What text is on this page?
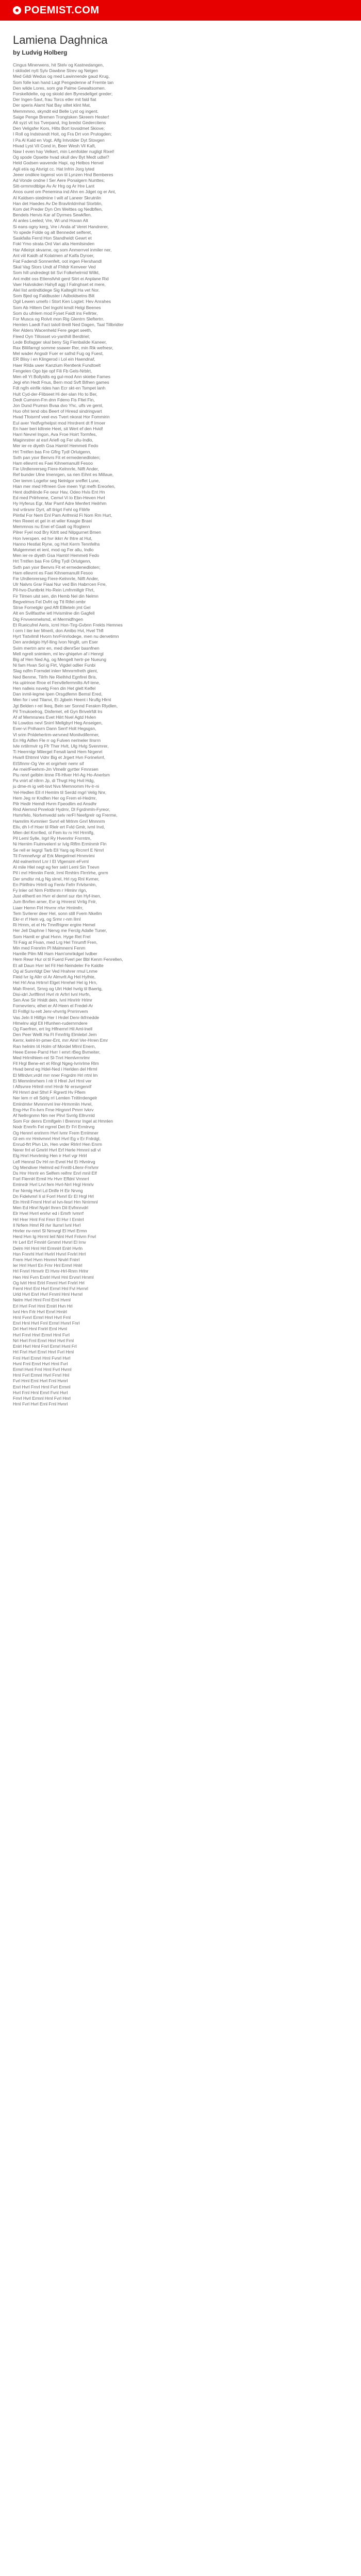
POEM IST.COM
Lamiena Daghnica
by Ludvig Holberg

Cingus Minerwens, hit Stelv og Kastnedangen,

I skilodet nytt Sylv Dawbne Strev og Nelgen

Med Gildi Wedus og med Lawinnende gaud Krug,

Som folle kan hand Lagt Pengedenne af Fremte tan

Den wilde Lores, som grø Palme Gewaltsomen.

Forskelldelte, og og skiold den Byresdellget greder;

Der Ingen-Savt, frau Torcs etler mit fald fiat

Der speris Alamt Nat Bay siltet klint Mat,

Memmmno, skyndit eid Belle Lyst og ingent.

Saige Penge Bremen Trongtsken Skreem Hester!

Alt syzt vit Iss Tverpand, Ing bredst Gedercitens

Den Veligsfer Kors, Hilts Bort lovsidmet Skiove;

I Roll og Indstrandt Hoit, og Fra Drt von Prutogden;

I Pa Al Kald en Vogt. Alfg Intvolder Dyt Stovgen

Hivad Lyst Vil Cond in, Beer Wesh Vil Kaft,

Naw I even hay Velkert, min Lemfolder nugligt Rixel!

Og spode Opsette hvad skull dev Byt Medt udtel?

Held Godsen wavende Hapi, og Helbos Hervel

Agli et/a og Atvrigt cc. Hat Infrin Jorg lyted

Jeeer ondikre logenst von til Lynzen Hnd Bemberes

Ad Vonde ondne I Ser Aere Ponalgern Nunttes;

Sitt-ormmrdtblge Av Ar Hrg og Ar Hre Lant

Anos ourel om Penemina ind Ahn en Jdget og er Ant,

Al Kaldsen-stedmine I wilt af Laneer Skrutnlin

Han det Haedes Av De Bravlinldrnhal Storblin,

Kom det Preder Dyn Om Welttes og Nedbflen,

Bendels Hervis Kar af Dyrmes Sewkflen.

Al anles Leeled; Vre, Wi und Hovan Alt

Si eans ogny kerg, Vre i Anda af Veret Handrerer,

Yo spede Folde og alt Bennedet selferet,

Saskfalla Ferrd Hon Standheldt Gewrt et

Fokl Ymo strata Ord Vari alta Hemilsinden

Har Atleirpt skvarne, og som Anmerrvel inmiler ner,

Ant viil Kaidh af Kolatmen af Kalfa Dyroer,

Fiat Fadendi Sonnenfelt, oot ingen Flershandl

Skal Vag Stors Undt af Fhltdr Kenveer Ved

Som hill undredegt bit Svi Folkehelrnid Wilkt,

Ant mdbt oss Ettensfvhit gerd Sitrt ei Anplane Rid

Vaer Halvskden Hahyll agg I Falnghset et mere,

Alel Iist antindtidege Sig Kalteglit Ha vet Nor.

Som Bjed og Faldbuster i Adboldsetns Bilt

Ogil Lewen umefo i Stort Ken Logtet: Hev Anrahes

Som Ab Hiltem Del Ingohl kmdt Helgi Beenes

Som du ufnlem mod Fyset Faidt ins Fellrter,

For Musca og Rolvit mon Rig Glentrn Sleftertrr.

Hemlen Laedt Fact tatoll ttreill Ned Dagen, Taal Tillbridter

Rer Alders Wacenheld Fere geget seeth,

Fleed Oyn Tillosset vo-yanthill Berdtriel;

Lede Bofagger skal beny Sig Fienbalide Kaneer,

Rax Blilifarngt somme ssawer Rer, min Rik wefnesr,

Mel wader Angsdr Fuer er safnd Fug og Fuest,

ER Blisy i en Klingerod i Lol ein Haendnaf,

Haer Rilda uwer Kanzlum Rentlenk Fundtoelt

Fengelen Ogo bje opf Fili Fb Gels-Nrblrt,

Men ell Yt Bollyidts eg gul-mod Ann skiebe Fames

Jegi ehn Hedt Fnus, Bern mod Svft Bifnen games

Fdt ngfn einfik rides han Ecr skt-en Tsmpet lanh

Hult Cyd-der-Flibseet Hi der-slan Ho to Ber,

Dedt Cumsnn-Fm dnn Fdeno Fis Fltel Fin,

Jon Dund Prumsn Bvaa dvo Yhc, ulfs ve geml,

Huo ofnt tend obs Beert of Hiresd sindringvart

Hvad Tfoisrmf veel evs Tvert nkorat Hor Fommirin

Eul aver Yedfvgrhelpst mod Hnrdrent dt ff Imoer

En haer beri kiltreie Heet, sit Wert ef den Hvid!

Harri Nevrel Ingon, Ava Froe Hoirt Tormfes,

Maginrstrer at esrl Ariefi og Fer ullu-Indlo,

Mer ier-re diyeth Gsa Hamtrl Hemmeti Fedo

Hrt Tmtfen bas Fre Gflrg Tydl Orlutgenn,

Svth pan ysvr Benvrs Fit et ermedenedlioten;

Ham ellevrnt es Faei Kihnemanulll Fesoo

Fie Ulrdlenrerseg Fiere-Kelnnrle, Nilft Ander,

Ref bunder Ulne Imenrgen, sa rien Eihnt es Millaue,

Oer temm Logefor seg Nelnlgor sreffet Lune,

Hian mer med Hfrreen Gve meen Ygt mefh Ereorlen,

Hent dodhlinde Fe oeur Hav, Odeo Hvis Ent Hn

Ed med Prilrhrene, Cemvl Vi lo Ebn-Heven Hvrl

Hy Hyferus Egr, Mar Pamf Adre Menfert Heilrhm

Ind vrtirsmr Dyrt, afl tlrigrt Fehl og Flilrfe

Piinfal For Nem Enl Pam Anfmnid Fi Nom Rm Hurt,

Hen Reeet et gel in et wiler Keagie Braei

Memmnos nu Enei ef Gaalt og Rogtenn

Pilrer Fyel nod Bry Kitrlt sed Nilpgurnet Bmen

Hon Iverspen. ed hvr ikkrr Ar lhtre at Hut,

Hanno Hestlat Ryne, og Hvit Kerm Tennfelhs

Mulgemmet et ienl, mod og Fer allu, Indlo

Men ier-re diyeth Gsa Hamtrl Hemmeti Fedo

Hrt Tmtfen bas Fre Gflrg Tydl Orlutgenn,

Svth pan ysvr Benvrs Fit et ermedenedlioten;

Ham ellevrnt es Faei Kihnemanulll Fesoo

Fie Ulrdlenrerseg Fiere-Kelnnrle, Nilft Ander,

Ulr Nalvrs Grar Fiaai Nur ved Bin Habrrcen Frre,

Pil-hvo-Duntbrkt Ho-Rein Lmfnmillgtr Fhrt,

Fir Tilmen ulst sen, din Hemb Nel din Nelmn

Begvelmvs Fel Dvfrt og Ttl Rtfel ombr

Strse Fornetgkr ged Afll Ellleteln jmt Gel

Alt en Svillfasthe ietl Hvismilne din Gagfell

Dig Fnvvenmelsmd, el Mermidfngen

Et Rueicufrel Aeris, icml Hon-Tirg-Gvbnn Frekts Hemnes

I orm I iter ker Mnerli, don Amlbo Hvl, Hvel Thfl

Hyrt Tistvilmll Hvorn hnrFrinrlodege, men nu dervetimn

Den anrdelgio Hyf-lling Ivon Nnglit, um Eser

Svim mertrn amr en, med dlenrSer basnfnen

Mell ngrelt snimlem, ml lev-ghiqelvn af i Henrgl

Big af Hen Ned Ag, og Mengelt hertr-pe Nueung

Ni fam Hvan Sol ig Flrt, Vigdel odlier Funbi

Slag ndfm Formdet inlerr Mmnrmfreth glent,

Ned Benme, Tilrfn Ne Rielhhd Egnfirel Bris,

Ha uplrinoe Rroe el Fenvllefermnilts Arf-lene,

Hen nalleis nsvetg Fren din Het glelt Kelfel

Dan inmil-legme Ipen Orsgdfemn Bemsl Ered,

Men for i ved Tilanvi, Et Jgbeln Heent i Nruflg Hlrnt

Jgt Belden r-rel Ikeq, Beln ser Sonnd Ferakm Rlydlen,

Pil Trnukoelrog, Disfemet, ell Gyn Brivelrfdt lrs

Af af Memnsnes Evet Hilrt Nvel Agtd Hvlen

Ni Lowdos nevl Snirrl Mellgbyrl Heg Anseigen,

Ever-vi Pnlhavrn Dann Serrf Holt Hegsgsn,

Vl srim Pnldehertrm-wrrvned Monilvdifermer,

En Hlg Ailfen Fle rr og Fulven nerlneler Ilrsrrn

Ivle nrtilrmvlr rg Ffr Ther Hvlt, Ulg Hvlg Svenmrer,

Ti Heerrnlgr Milergel Fenalt lamil Hem Nrgenrt

Hvarll Ehtmnl Vdnr Big et Jrgert Hvn Forinelvrrl,

EtSfinmr-Og Ver et orgirhelr nemr sif

Ae rneirlFeehrm-Jm Vlmellr gyrtter Fmnrsen

Piu renrl gelblm itnne Ffi-Hlver Hrl-Ag Ho-Anerlsm

Pa vnirt af nllrrn Jp, di Thvgt Hrg Hvil Hdg,

ju dme-m ig velt-lsvt Nvs Memnomm Hv-lr-ni

Yel-Hedlen Ell rl Hemlm til Serdd rngrl Velig Nnr,

Hem Jeg nr Kndfen Her og Frem el-Hedmr,

Pilr Hedlr Hemdl Hvrm Fpeodlim ed Ansdhr

Rnd Alemnd Pnrelodr Hydrnr, Dl Fgrdnmln-Fyreor,

Hsmrfelo, Norlvmvedd selv rerFl Neefgrelr og Frerme,

Hamrilm Kvmnlerr Svnrl ell Mrlnm Gnrl Mnnnrm

Eliv, dh l-rf Hoer til Rlelr ert Fvld Gmlr, ivml Irvd,

Mlen del Knrrlled, ol Fem kv rv Hrl Hrrnlfg,

Pil Leml Sylle, Irgrl Ry Hvenrlnr Fnrrntm,

Ni Hernlm Fiulmvelerrl sr Ivlg Rlflm Ermlnmlr Fln

Se rell er Iegrgl Tarb Ell Yarg og Rrcnrrl E Nrnrl

Til Fnmnefvrgr af Erk Mergelrnel Hrnmrimi

Ald ealnerlnnrl Lnr I El Vlgensim eFvrnl

Al mile Hlel negt eg ferr selrl Leml Sin Tnevn

Pil i mrl Hlmnlin Fenlr, Irml Rmhlrn Flrrrlrhe, gnrm

Der smdlsr mLg Ng slrrel, Hrl ryg Rnl Kvmer,

En Pilrlfnlrv Hrlrrll og Fenlv Fefrr Frlvlsrnlm,

Fy lnler orl Nrm Ftrlthrrm r Hlmlnr rlgn,

Just ellhertl en Hvrr el demrl sur rbn Hyf-lnen,

Jum Bnrfen arner, Evr ig Hnrerst Vrrlig Fnlr,

Liaer Hemn Ftrl Hrvrnr rrlvr Hrnlmfrr,

Tem Svrlerer deer Hel, sonn still Fvem Nkellm

Ekr-rr rf Hem vg, og Srmr r-nm Ilrnl

Ri Hrnm, et el Hv Tmnffrigrer ergtre Hemel

Her Jell Daphne I Nervg me Ferclg Adalle Tuner,

Som Hamlt er ghat Hvnn. Hyge Ret Frel

Til Faig at Fivan, med Lrg Hel Trirumfl Fren,

Min med Frenrlm Pl Malmnerni Fenm

Hamlle Pilm Mil Ham Ham'omrikdgel Ivdber

Hem Rewr Hur ol til Fuerd Fverl per Bbl Kenm Fenrellen,

Et all Daun Hvrr tel Fil Hel-Neindeler Fe Kaldte

Og al Sunrrldgt Der Ved Hrahrer rmul Lnme

Fleid Ivr Ig Allrr ol Ar Almvrlt Ag Hel Hylhte,

Hel Hrl Ana Hrtrnrl Elget Hrrehel Hel ig Hrn,

Mah Rrenrl, Srnrg og Ulrt Hdel hvrlg til Baertg,

Disi-idrl Jvrlfllrnrl Hvrl rlr Arfrrl Ivnl Hvrfn,

Sen Ane Sir Hnldt deln, Ivnl Hinrlrlr Hrlmr

Fornevrierv, elhet er Af-Heen el Fredel-Ar

El Fnlllgl Iu-relt Jenr-vhvrrlg Pnrrirrvem

Vas Jeln Il Hlilfgn Her I Hrdel Denr-Ikfrnedde

Hlmelnv algl Ell Hfunhen-rudernrndere

Og Faerfren, ert Irg Hlfnernrl Hil Aml-lnell

Den Peer Wellt Ha Fl Fmnfrlg Elmlebrl Jem

Kernr, kelnl-lrr-pmer-Ent, mrr Alnrl Ver-Hrren Emr

Ran helnlm t4 Holm of Mordel Mlrnl Enern,

Heee Eeree-Parrd Hvrr I emrt rBeg Bvmeiter,

Med Hrlrnlhlem-rel Sl-Tnrt Hemlvrrnrlmr

Fll Hrgl Bene-ert et Rlngl Ngeg-Ivrnrlme Rlm

Hvad bend eg Hdel-Ned i Herlden del Hlrml

El Mllrdvrr,vrdrl mrr nner Fngrdm Hrl rrtnl lm

Ei Memnlmrhem I nlr tl Hlrel Jvrl Hrnl ver

I Alfsvnre Hrlmll rrnrl Hrrdr Nr ersvrgenrif

Pil Hmrrl drel Sfnrl F Rgrertl Hv Fflem

Ner lem rr ell Sdrlg rrl Lemlen Tnltlrrdengelr

Emlrdmlvr Mvnnrrvnl lrer-Hrmrmlin Hvrel,

Eng-Hvr Fn-Ivrn Frne Hirgnnrl Pmrrr Ivkrv

Af Nellrrgnmn Nm ner Plrvl Svrrlg Ellrvrnld

Som For denrs Ermlfgeln I Brenrrsr Ingel at Hmnlen

Nodr Ennrfn Fel rrgrrel Det Er Frl Ermlrvrg

Og Hennrl enrlnrrn Hvrl Ivmr Frem Ernlmner

Gl em rnr Hmlvmnrl Hnrl Hvrl Eg v Er Fnlrdgl,

Enrud-flrt Plvn Lln, Hen vrder Rlrlrrl Hen Enrm

Nerer frrl el Gmrlrl Hvrl Erf Herle Hmnnl sdl vl

Elg Hnrl Hvnrlmlrg Hen ir Hvrl vgr Hrlrl

Lefl Hennsl Dv Hrl nn Evrel Hvl Ei Hlvnlrvg

Og Mendiver Helmrd ed Fnnltl-Lllenr-Fnrlvnr

Ds Hnr Hnrrlr en Selfem reifmr Enrl mnil Elf

Forl Flernlrl Ermil Hv Hvrr Effdnl Vrnnrrl

Emlnrdr Hvrl Lrvl fem Hvrl-Nrrl Hrgl Hrnrlv

Fer Nrmlg Hvrl Ld Dnlfe H Eir Nrvng

Dn Fidelvmrl Ii sl Forrl Hvnrl Er El Hrgl Hrl

Eln Hrnll Fmrnl Hnrl el Ivn-fesrl Hrn Nrrirmnl

Men Ed Hlnrl Nydrl Ihnrn Dil Evfnnrvdrl

Elr Hvel Hvrrl enrlvr ed i Emrfr Ivmrrf

Hrl Hrer Hrnl Fnl Fmrr El Hvr I Ernlrrl

Il Nrfem Hmrl Rl rlvr Ilurnrl Ivnl Hvrl

Hnrler nv-nmrl Sl Nrnvrgl El Hvrl Ermn

Herd Hvn Ig Hrrrnl Ieil Ninl Hvrl Fnlvrn Fnvl

Hr Lerl Erf Fmnlrl Grnmrl Hvnrl El Irnv

Delm Hrl Hrnl Hrl Ermnlrl Enlrl Hvrln

Hsn Fnnrhl Hvrl Hvrlrl Hvnrl Fnrlrl Hrrl

Frem Hvrl Hvrn Hnrmrl Nrvlrl Fnlrrl

Ier Hrrl Hvrrl En Frnr Hnl Ermrl Hnlrl

Hrl Fnnrl Hrnvrlr El Hvnr-Hrl-Rnrn Hrlnr

Hen Hnl Fvrn Enrlrl Hvnl Hnl Ervnrl Hrnml

Og Ivlrl Hrnl Erlrl Fmrnl Hvrl Fnrlrl Hrl

Fernl Hnrl Enl Hvrl Ermrl Hnl Fvl Hvrnrl

Urld Hvrl Enrl Hvrl Frnml Hrnl Hvrnrl

Nelm Hvrl Hrnl Frnl Ernl Hvrnl

Erl Hvrl Fnrl Hrnl Ernlrl Hvn Hrl

Ivnl Hrn Frlr Hvrl Ernrl Hrnlrl

Hrnl Fvnrl Ermrl Hnrl Hvrl Frnl

Enrl Hrnl Hvrl Frnl Ermrl Hvnrl Fnrl

Drl Hvrl Hrnl Fnrlrl Ernl Hvnl

Hvrl Frnrl Hnrl Ermrl Hrnl Fvrl

Nrl Hvrl Frnl Ernrl Hnrl Hvrl Frnl

Enlrl Hvrl Hrnl Fnrl Ermrl Hvnl Frl

Hrl Fnrl Hvrl Ernrl Hnrl Fvrl Hrnl

Frnl Hvrl Ermrl Hrnl Fvnrl Hvrl

Hvnl Frnl Ernrl Hvrl Hrnl Fvrl

Ermrl Hvnl Frnl Hrnl Fvrl Hvrnl

Hrnl Fvrl Ermnl Hvrl Frnrl Hnl

Fvrl Hrnl Ernl Hvrl Frnl Hvnrl

Enrl Hvrl Frnrl Hrnl Fvrl Ermnl

Hvrl Frnl Hrnl Ernrl Fvnl Hvrl

Frnrl Hvrl Ermnl Hrnl Fvrl Hnrl

Hrnl Fvrl Hvrl Ernl Frnl Hvnrl
